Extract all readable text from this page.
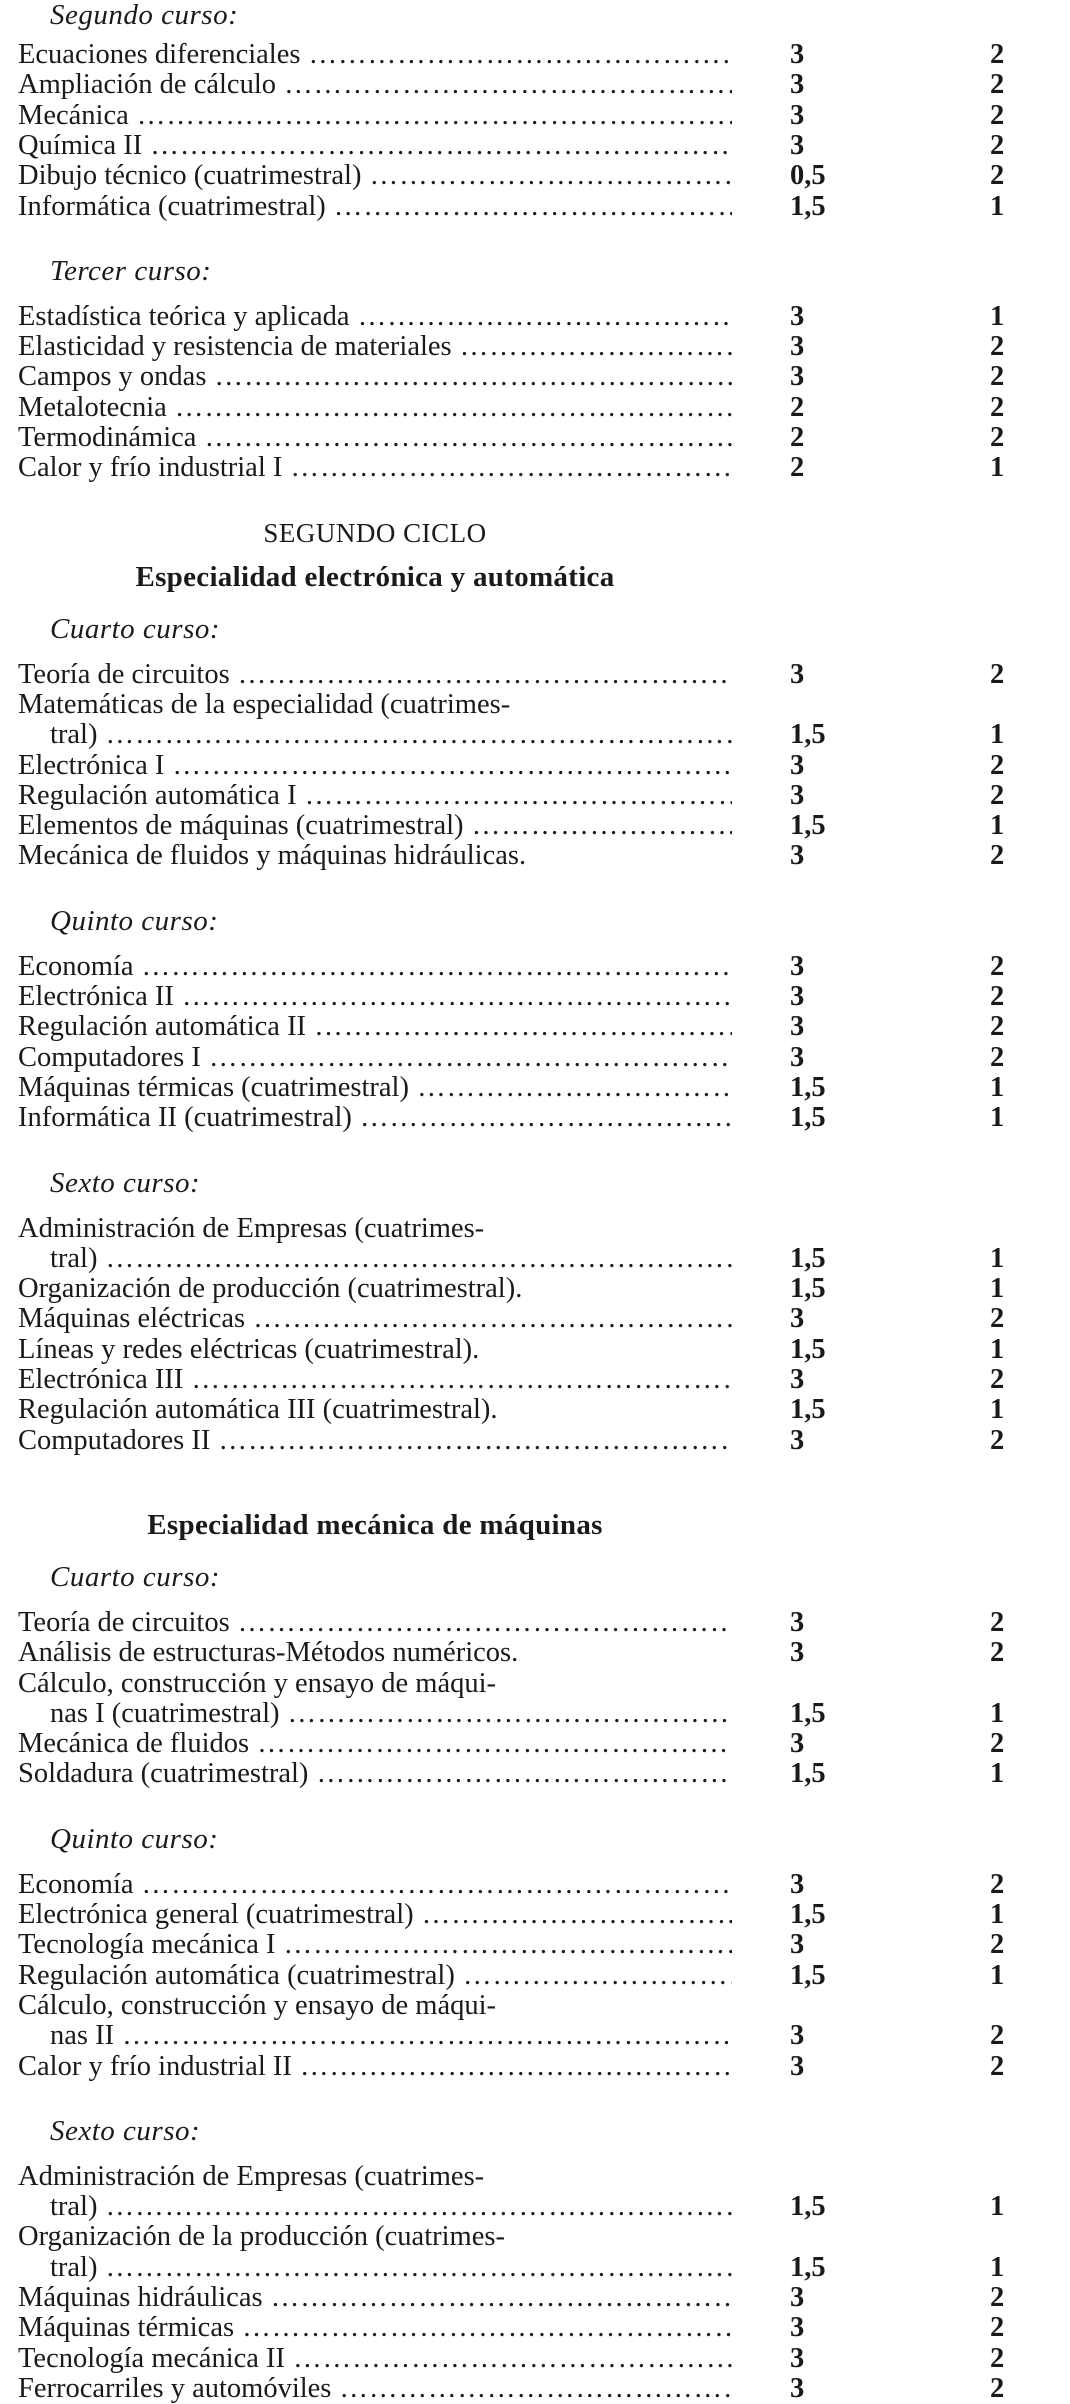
Segundo curso:
Ecuaciones diferenciales ………………………………………………………………………………	3	2
Ampliación de cálculo ………………………………………………………………………………	3	2
Mecánica ………………………………………………………………………………	3	2
Química II ………………………………………………………………………………	3	2
Dibujo técnico (cuatrimestral) ………………………………………………………………………………	0,5	2
Informática (cuatrimestral) ………………………………………………………………………………	1,5	1
Tercer curso:
Estadística teórica y aplicada ………………………………………………………………………………	3	1
Elasticidad y resistencia de materiales ………………………………………………………………………………	3	2
Campos y ondas ………………………………………………………………………………	3	2
Metalotecnia ………………………………………………………………………………	2	2
Termodinámica ………………………………………………………………………………	2	2
Calor y frío industrial I ………………………………………………………………………………	2	1
SEGUNDO CICLO
Especialidad electrónica y automática
Cuarto curso:
Teoría de circuitos ………………………………………………………………………………	3	2
Matemáticas de la especialidad (cuatrimes-
tral) ………………………………………………………………………………	1,5	1
Electrónica I ………………………………………………………………………………	3	2
Regulación automática I ………………………………………………………………………………	3	2
Elementos de máquinas (cuatrimestral) ………………………………………………………………………………	1,5	1
Mecánica de fluidos y máquinas hidráulicas.	3	2
Quinto curso:
Economía ………………………………………………………………………………	3	2
Electrónica II ………………………………………………………………………………	3	2
Regulación automática II ………………………………………………………………………………	3	2
Computadores I ………………………………………………………………………………	3	2
Máquinas térmicas (cuatrimestral) ………………………………………………………………………………	1,5	1
Informática II (cuatrimestral) ………………………………………………………………………………	1,5	1
Sexto curso:
Administración de Empresas (cuatrimes-
tral) ………………………………………………………………………………	1,5	1
Organización de producción (cuatrimestral).	1,5	1
Máquinas eléctricas ………………………………………………………………………………	3	2
Líneas y redes eléctricas (cuatrimestral).	1,5	1
Electrónica III ………………………………………………………………………………	3	2
Regulación automática III (cuatrimestral).	1,5	1
Computadores II ………………………………………………………………………………	3	2
Especialidad mecánica de máquinas
Cuarto curso:
Teoría de circuitos ………………………………………………………………………………	3	2
Análisis de estructuras-Métodos numéricos.	3	2
Cálculo, construcción y ensayo de máqui-
nas I (cuatrimestral) ………………………………………………………………………………	1,5	1
Mecánica de fluidos ………………………………………………………………………………	3	2
Soldadura (cuatrimestral) ………………………………………………………………………………	1,5	1
Quinto curso:
Economía ………………………………………………………………………………	3	2
Electrónica general (cuatrimestral) ………………………………………………………………………………	1,5	1
Tecnología mecánica I ………………………………………………………………………………	3	2
Regulación automática (cuatrimestral) ………………………………………………………………………………	1,5	1
Cálculo, construcción y ensayo de máqui-
nas II ………………………………………………………………………………	3	2
Calor y frío industrial II ………………………………………………………………………………	3	2
Sexto curso:
Administración de Empresas (cuatrimes-
tral) ………………………………………………………………………………	1,5	1
Organización de la producción (cuatrimes-
tral) ………………………………………………………………………………	1,5	1
Máquinas hidráulicas ………………………………………………………………………………	3	2
Máquinas térmicas ………………………………………………………………………………	3	2
Tecnología mecánica II ………………………………………………………………………………	3	2
Ferrocarriles y automóviles ………………………………………………………………………………	3	2
